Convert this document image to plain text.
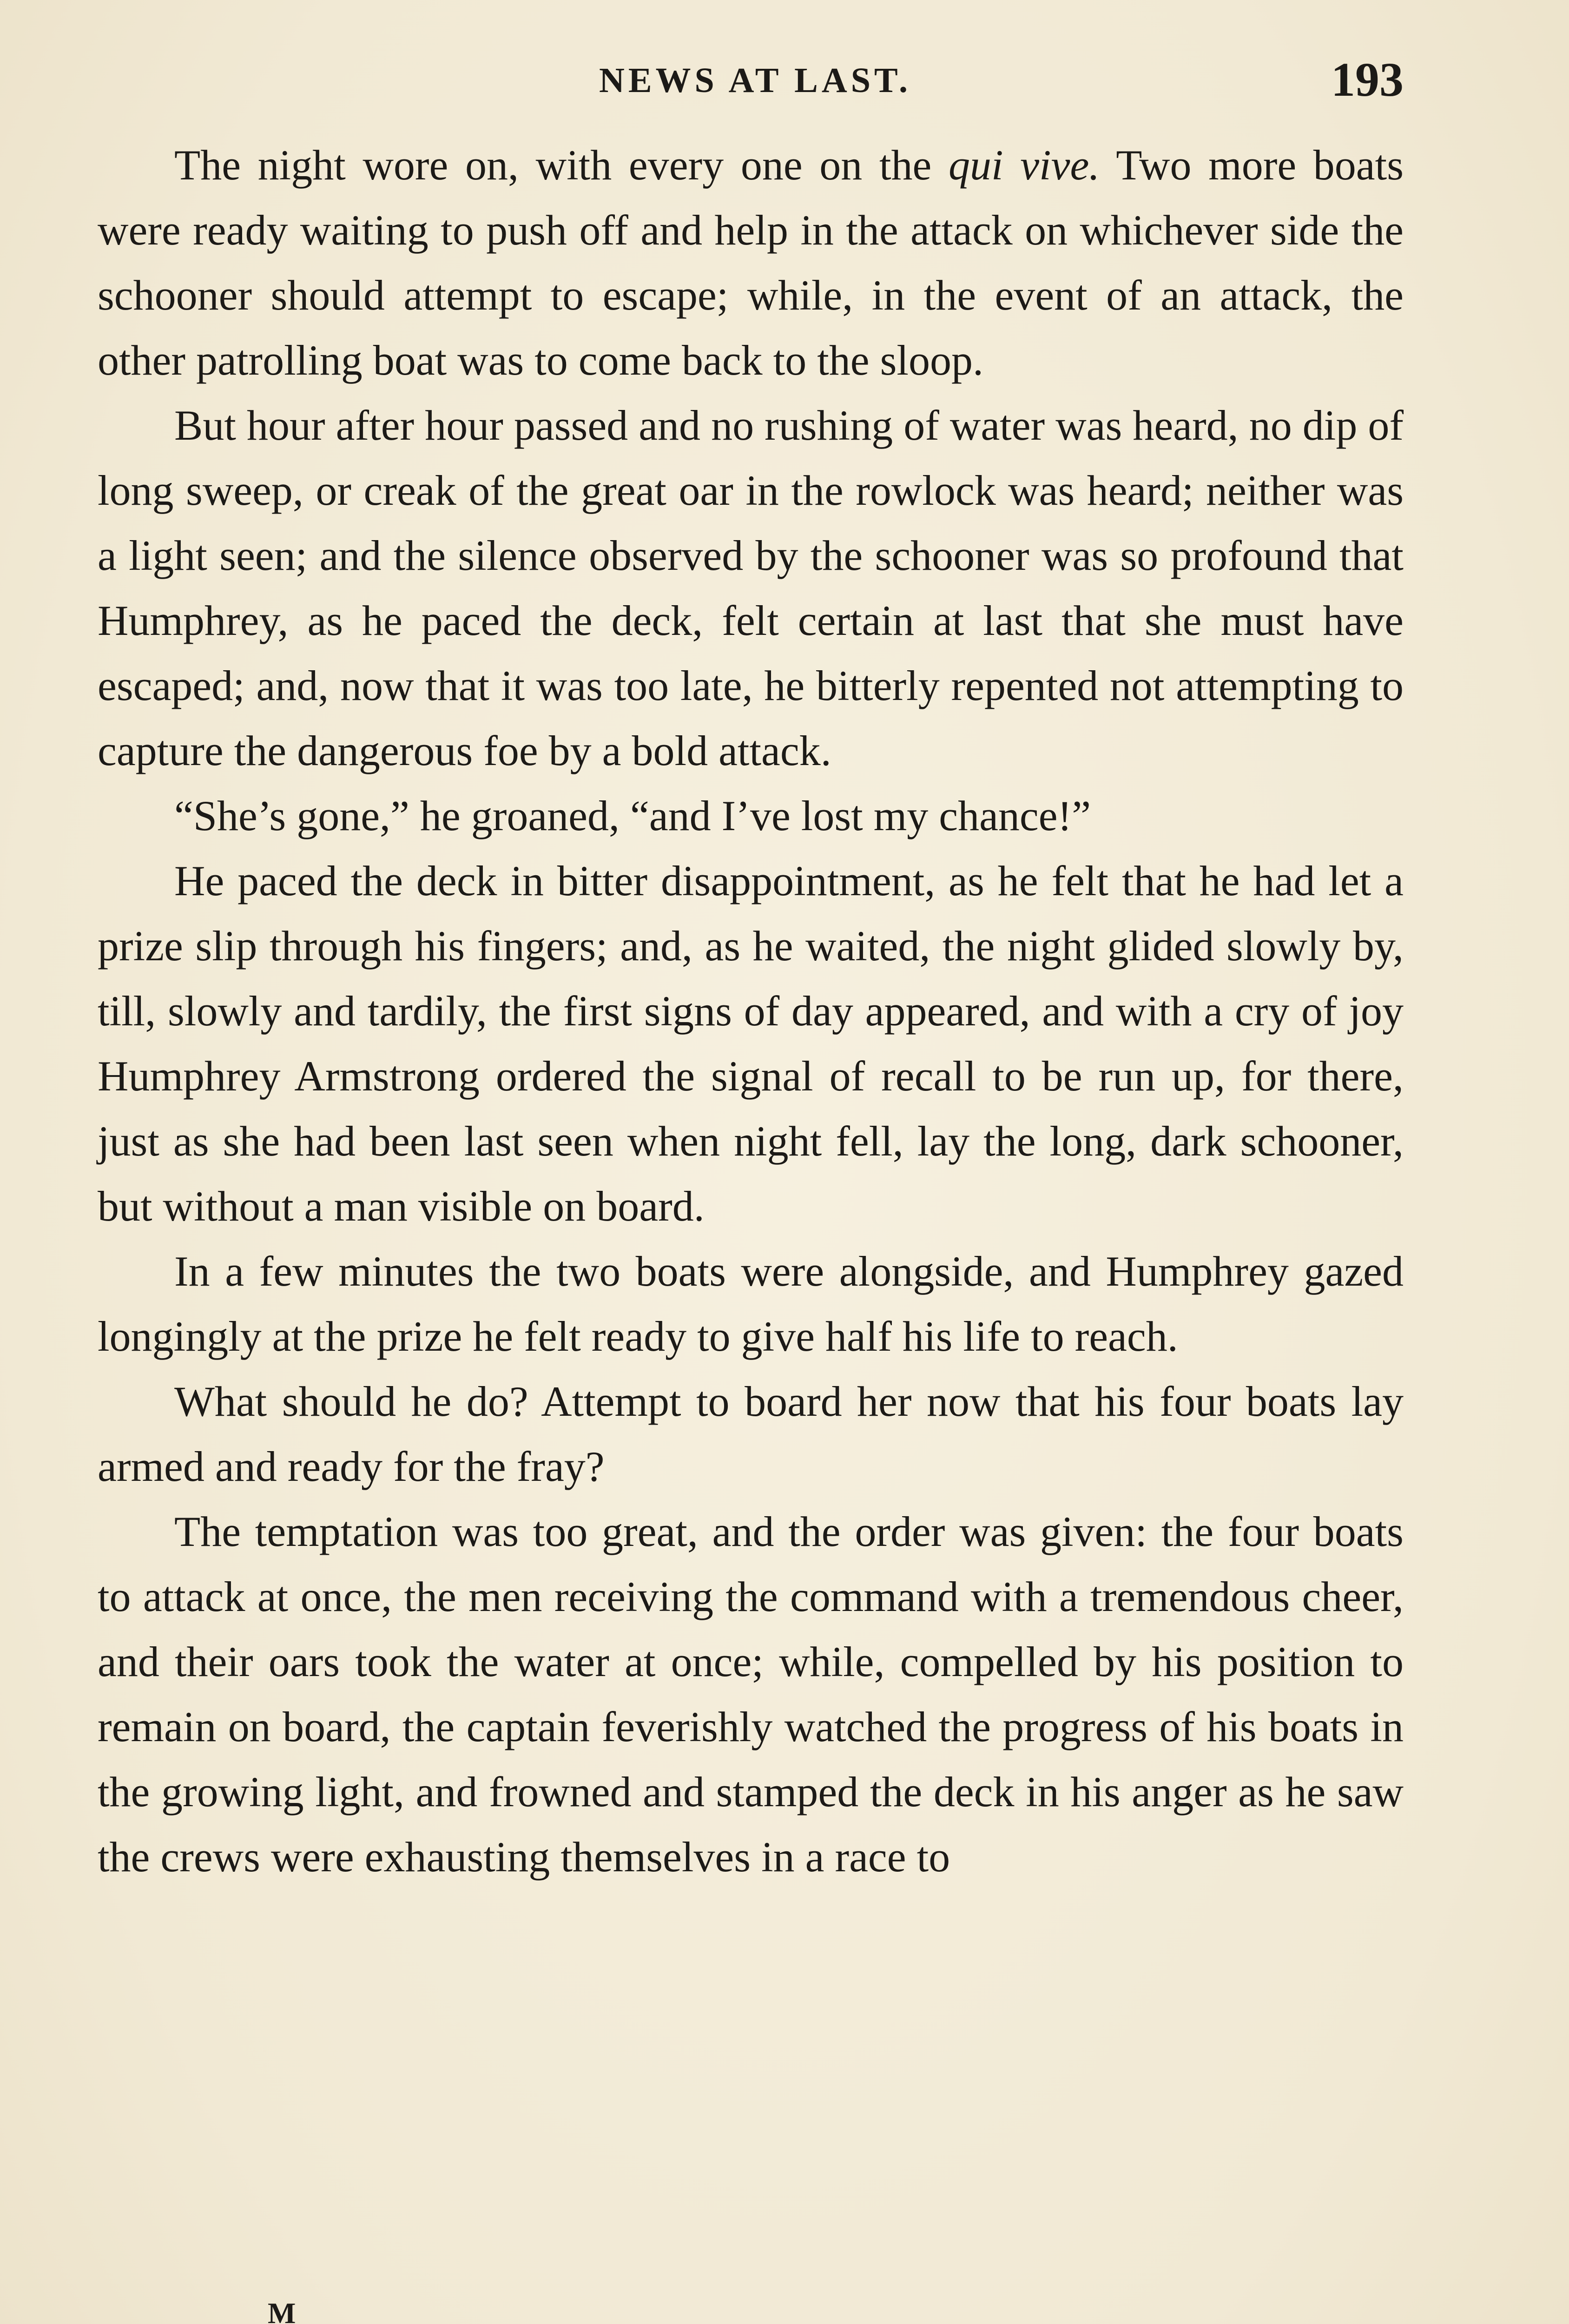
NEWS AT LAST.	193

The night wore on, with every one on the qui vive. Two more boats were ready waiting to push off and help in the attack on whichever side the schooner should attempt to escape; while, in the event of an attack, the other patrolling boat was to come back to the sloop.

But hour after hour passed and no rushing of water was heard, no dip of long sweep, or creak of the great oar in the rowlock was heard; neither was a light seen; and the silence observed by the schooner was so profound that Humphrey, as he paced the deck, felt certain at last that she must have escaped; and, now that it was too late, he bitterly repented not attempting to capture the dangerous foe by a bold attack.

“She’s gone,” he groaned, “and I’ve lost my chance!”

He paced the deck in bitter disappointment, as he felt that he had let a prize slip through his fingers; and, as he waited, the night glided slowly by, till, slowly and tardily, the first signs of day appeared, and with a cry of joy Humphrey Armstrong ordered the signal of recall to be run up, for there, just as she had been last seen when night fell, lay the long, dark schooner, but without a man visible on board.

In a few minutes the two boats were alongside, and Humphrey gazed longingly at the prize he felt ready to give half his life to reach.

What should he do? Attempt to board her now that his four boats lay armed and ready for the fray?

The temptation was too great, and the order was given: the four boats to attack at once, the men receiving the command with a tremendous cheer, and their oars took the water at once; while, compelled by his position to remain on board, the captain feverishly watched the progress of his boats in the growing light, and frowned and stamped the deck in his anger as he saw the crews were exhausting themselves in a race to

M
